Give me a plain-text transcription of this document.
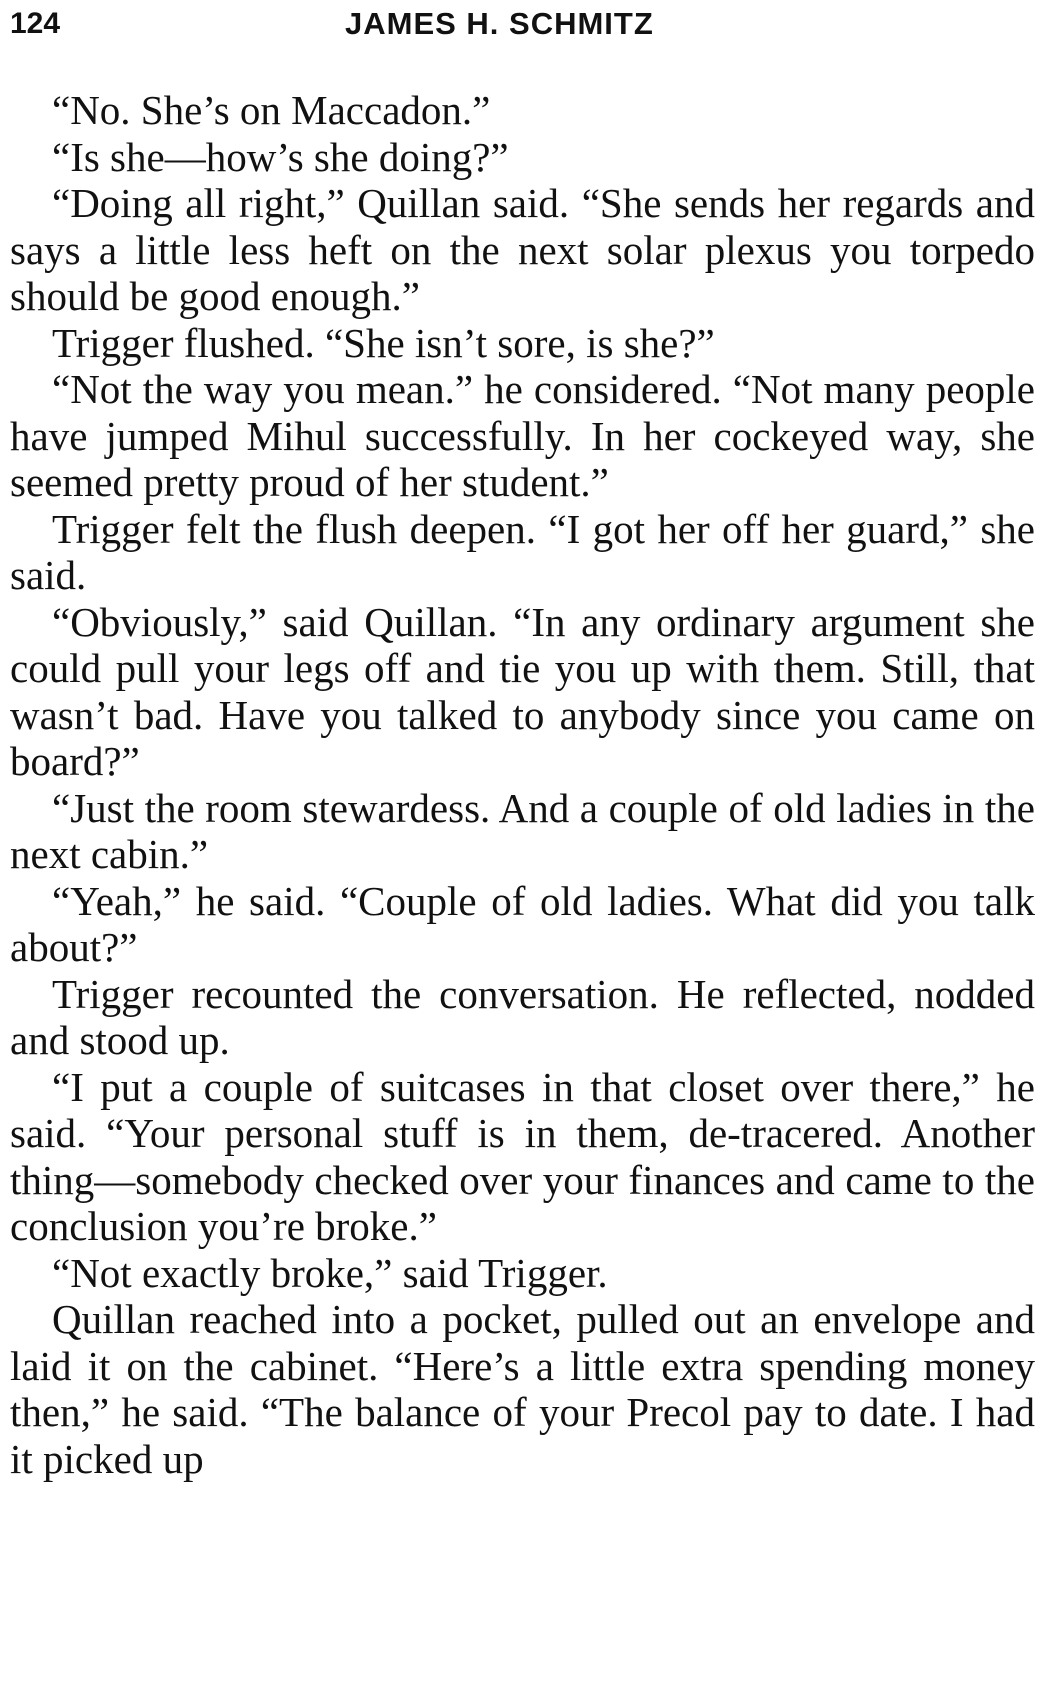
124	JAMES H. SCHMITZ

“No. She’s on Maccadon.”

“Is she—how’s she doing?”

“Doing all right,” Quillan said. “She sends her regards and says a little less heft on the next solar plexus you torpedo should be good enough.”

Trigger flushed. “She isn’t sore, is she?”

“Not the way you mean.” he considered. “Not many people have jumped Mihul successfully. In her cockeyed way, she seemed pretty proud of her student.”

Trigger felt the flush deepen. “I got her off her guard,” she said.

“Obviously,” said Quillan. “In any ordinary argument she could pull your legs off and tie you up with them. Still, that wasn’t bad. Have you talked to anybody since you came on board?”

“Just the room stewardess. And a couple of old ladies in the next cabin.”

“Yeah,” he said. “Couple of old ladies. What did you talk about?”

Trigger recounted the conversation. He reflected, nodded and stood up.

“I put a couple of suitcases in that closet over there,” he said. “Your personal stuff is in them, de-tracered. Another thing—somebody checked over your finances and came to the conclusion you’re broke.”

“Not exactly broke,” said Trigger.

Quillan reached into a pocket, pulled out an envelope and laid it on the cabinet. “Here’s a little extra spending money then,” he said. “The balance of your Precol pay to date. I had it picked up
